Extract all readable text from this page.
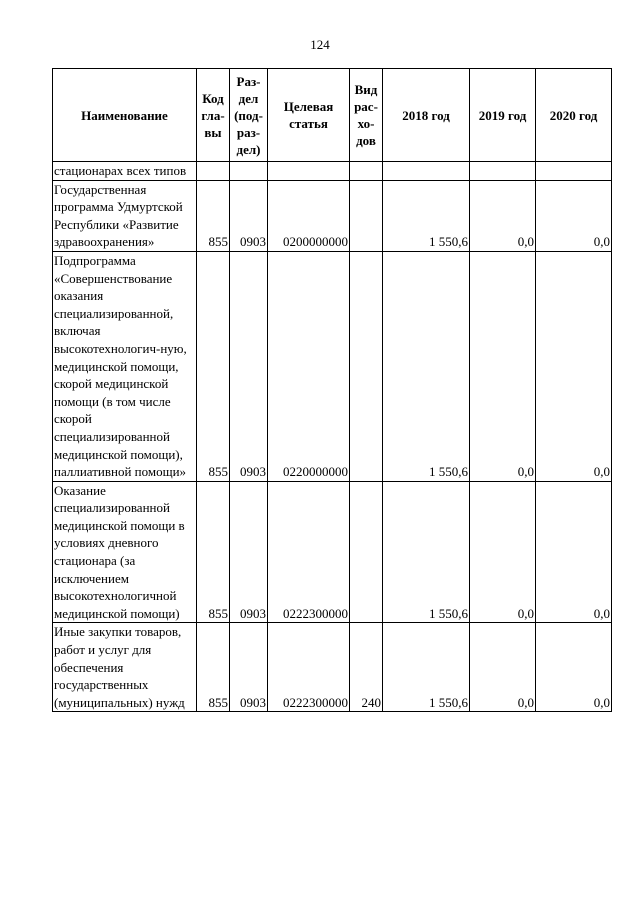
124
Наименование	Код гла-вы	Раз-дел (под-раз-дел)	Целевая статья	Вид рас-хо-дов	2018 год	2019 год	2020 год
стационарах всех типов							
Государственная программа Удмуртской Республики «Развитие здравоохранения»	855	0903	0200000000		1 550,6	0,0	0,0
Подпрограмма «Совершенствование оказания специализированной, включая высокотехнологич-ную, медицинской помощи, скорой медицинской помощи (в том числе скорой специализированной медицинской помощи), паллиативной помощи»	855	0903	0220000000		1 550,6	0,0	0,0
Оказание специализированной медицинской помощи в условиях дневного стационара (за исключением высокотехнологичной медицинской помощи)	855	0903	0222300000		1 550,6	0,0	0,0
Иные закупки товаров, работ и услуг для обеспечения государственных (муниципальных) нужд	855	0903	0222300000	240	1 550,6	0,0	0,0
